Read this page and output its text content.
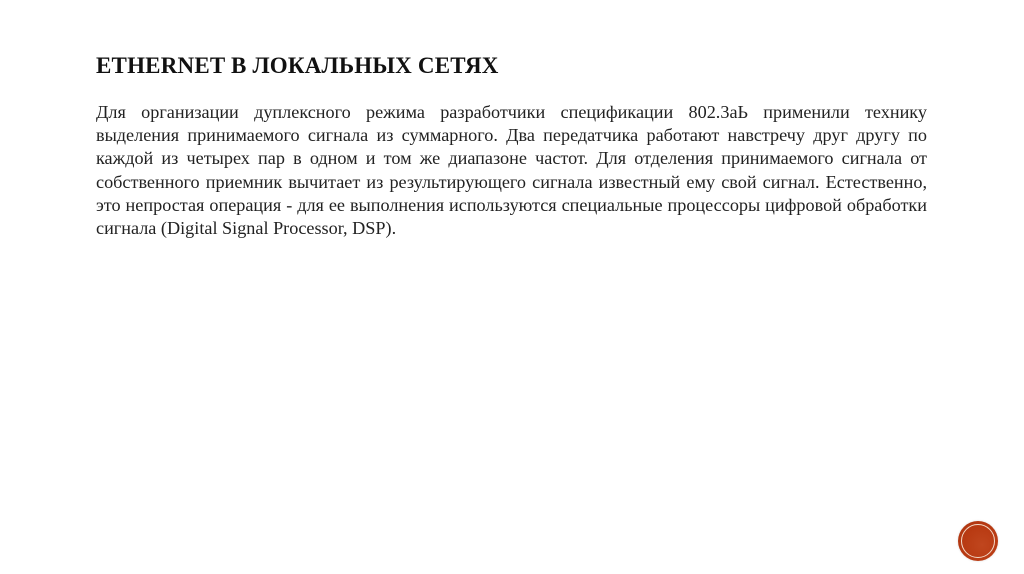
ETHERNET В ЛОКАЛЬНЫХ СЕТЯХ

Для организации дуплексного режима разработчики спецификации 802.3aЬ применили технику выделения принимаемого сигнала из суммарного. Два передатчика работают навстречу друг другу по каждой из четырех пар в одном и том же диапазоне частот. Для отделения принимаемого сигнала от собственного приемник вычитает из результирующего сигнала известный ему свой сигнал. Естественно, это непростая операция - для ее выполнения используются специальные процессоры цифровой обработки сигнала (Digital Signal Processor, DSP).
